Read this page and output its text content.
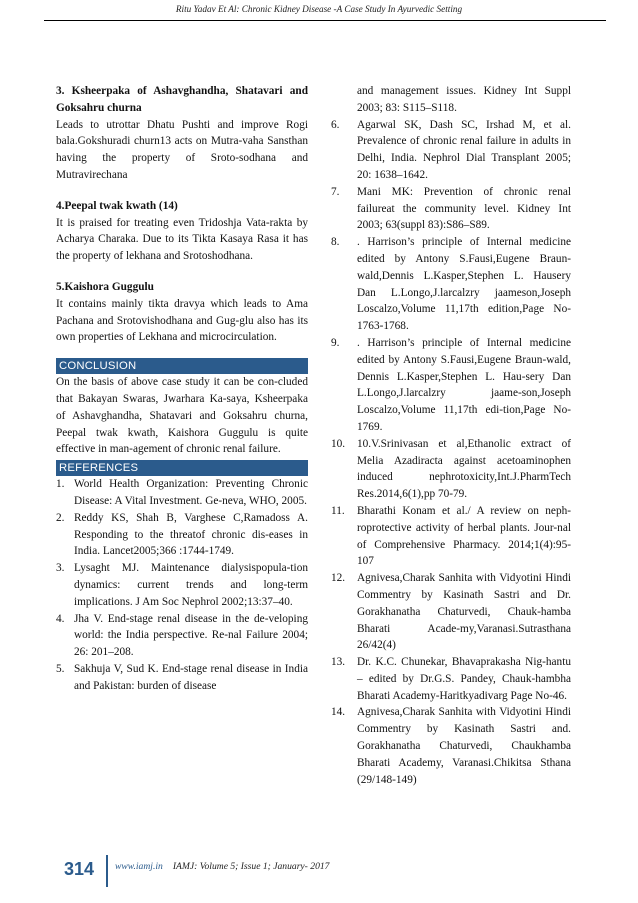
Ritu Yadav Et Al: Chronic Kidney Disease -A Case Study In Ayurvedic Setting

3. Ksheerpaka of Ashavghandha, Shatavari and Goksahru churna

Leads to utrottar Dhatu Pushti and improve Rogi bala.Gokshuradi churn13 acts on Mutra-vaha Sansthan having the property of Sroto-sodhana and Mutravirechana

4.Peepal twak kwath (14)

It is praised for treating even Tridoshja Vata-rakta by Acharya Charaka. Due to its Tikta Kasaya Rasa it has the property of lekhana and Srotoshodhana.

5.Kaishora Guggulu

It contains mainly tikta dravya which leads to Ama Pachana and Srotovishodhana and Gug-glu also has its own properties of Lekhana and microcirculation.

CONCLUSION

On the basis of above case study it can be con-cluded that Bakayan Swaras, Jwarhara Ka-saya, Ksheerpaka of Ashavghandha, Shatavari and Goksahru churna, Peepal twak kwath, Kaishora Guggulu is quite effective in man-agement of chronic renal failure.

REFERENCES
1. World Health Organization: Preventing Chronic Disease: A Vital Investment. Ge-neva, WHO, 2005.
2. Reddy KS, Shah B, Varghese C,Ramadoss A. Responding to the threatof chronic dis-eases in India. Lancet2005;366 :1744-1749.
3. Lysaght MJ. Maintenance dialysispopula-tion dynamics: current trends and long-term implications. J Am Soc Nephrol 2002;13:37–40.
4. Jha V. End-stage renal disease in the de-veloping world: the India perspective. Re-nal Failure 2004; 26: 201–208.
5. Sakhuja V, Sud K. End-stage renal disease in India and Pakistan: burden of disease

and management issues. Kidney Int Suppl 2003; 83: S115–S118.

6. Agarwal SK, Dash SC, Irshad M, et al. Prevalence of chronic renal failure in adults in Delhi, India. Nephrol Dial Transplant 2005; 20: 1638–1642.
7. Mani MK: Prevention of chronic renal failureat the community level. Kidney Int 2003; 63(suppl 83):S86–S89.
8. . Harrison’s principle of Internal medicine edited by Antony S.Fausi,Eugene Braun-wald,Dennis L.Kasper,Stephen L. Hausery Dan L.Longo,J.larcalzry jaameson,Joseph Loscalzo,Volume 11,17th edition,Page No-1763-1768.
9. . Harrison’s principle of Internal medicine edited by Antony S.Fausi,Eugene Braun-wald, Dennis L.Kasper,Stephen L. Hau-sery Dan L.Longo,J.larcalzry jaame-son,Joseph Loscalzo,Volume 11,17th edi-tion,Page No-1769.
10. 10.V.Srinivasan et al,Ethanolic extract of Melia Azadiracta against acetoaminophen induced nephrotoxicity,Int.J.PharmTech Res.2014,6(1),pp 70-79.
11. Bharathi Konam et al./ A review on neph-roprotective activity of herbal plants. Jour-nal of Comprehensive Pharmacy. 2014;1(4):95-107
12. Agnivesa,Charak Sanhita with Vidyotini Hindi Commentry by Kasinath Sastri and Dr. Gorakhanatha Chaturvedi, Chauk-hamba Bharati Acade-my,Varanasi.Sutrasthana 26/42(4)
13. Dr. K.C. Chunekar, Bhavaprakasha Nig-hantu – edited by Dr.G.S. Pandey, Chauk-hambha Bharati Academy-Haritkyadivarg Page No-46.
14. Agnivesa,Charak Sanhita with Vidyotini Hindi Commentry by Kasinath Sastri and. Gorakhanatha Chaturvedi, Chaukhamba Bharati Academy, Varanasi.Chikitsa Sthana (29/148-149)
314 www.iamj.in IAMJ: Volume 5; Issue 1; January- 2017
